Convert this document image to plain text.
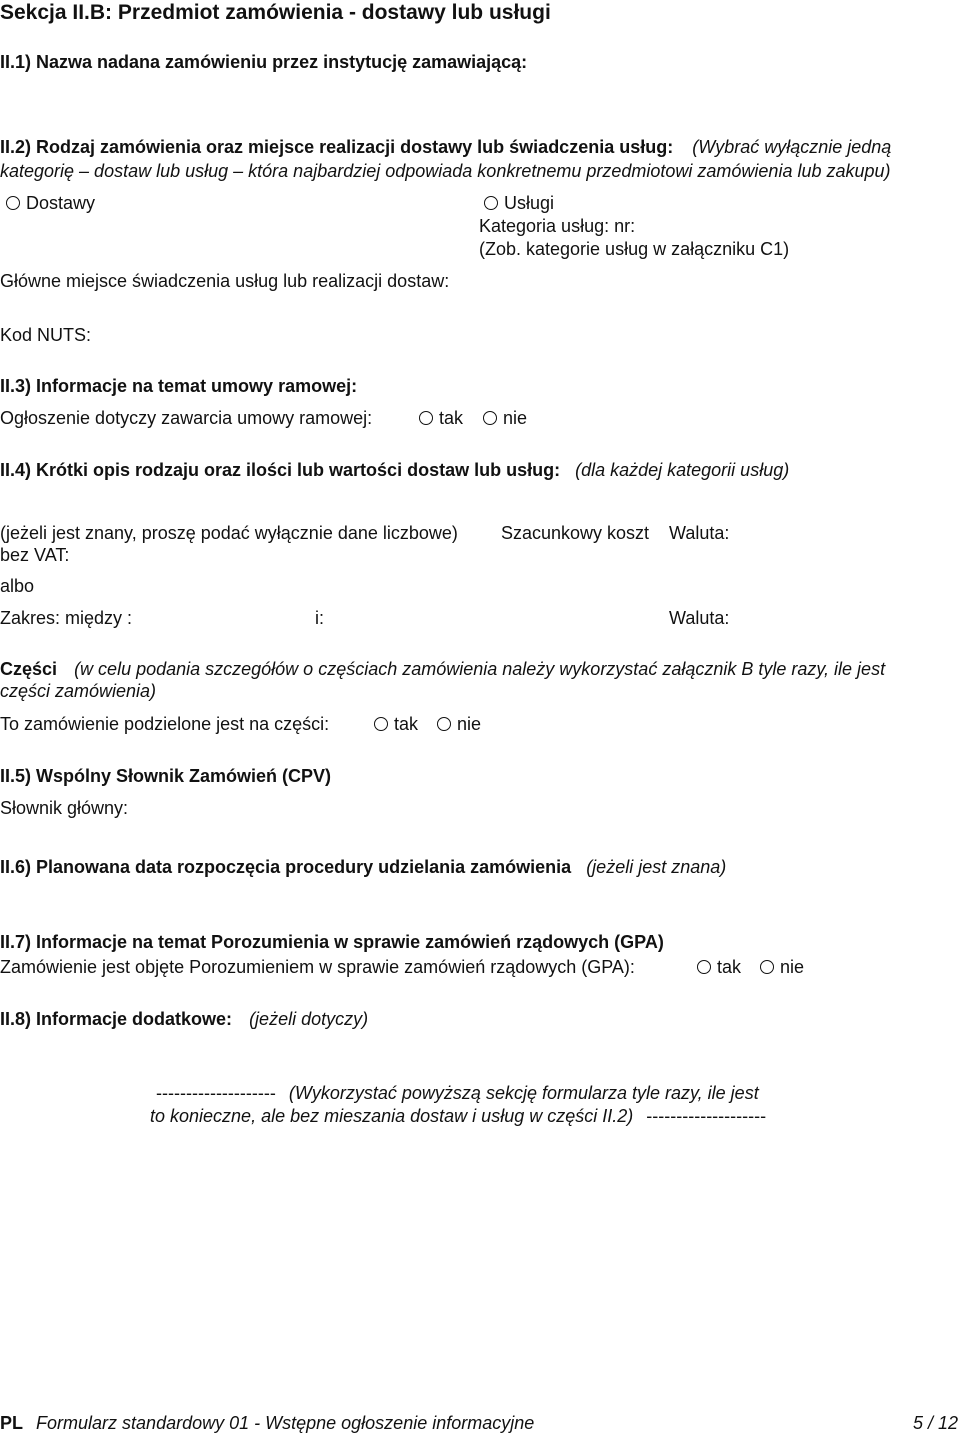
Sekcja II.B: Przedmiot zamówienia - dostawy lub usługi
II.1) Nazwa nadana zamówieniu przez instytucję zamawiającą:
II.2) Rodzaj zamówienia oraz miejsce realizacji dostawy lub świadczenia usług: (Wybrać wyłącznie jedną
kategorię – dostaw lub usług – która najbardziej odpowiada konkretnemu przedmiotowi zamówienia lub zakupu)
Dostawy	Usługi
Kategoria usług: nr:
(Zob. kategorie usług w załączniku C1)
Główne miejsce świadczenia usług lub realizacji dostaw:
Kod NUTS:
II.3) Informacje na temat umowy ramowej:
Ogłoszenie dotyczy zawarcia umowy ramowej:	tak	nie
II.4) Krótki opis rodzaju oraz ilości lub wartości dostaw lub usług: (dla każdej kategorii usług)
(jeżeli jest znany, proszę podać wyłącznie dane liczbowe) Szacunkowy koszt Waluta:
bez VAT:
albo
Zakres: między :	i:	Waluta:
Części (w celu podania szczegółów o częściach zamówienia należy wykorzystać załącznik B tyle razy, ile jest
części zamówienia)
To zamówienie podzielone jest na części:	tak	nie
II.5) Wspólny Słownik Zamówień (CPV)
Słownik główny:
II.6) Planowana data rozpoczęcia procedury udzielania zamówienia (jeżeli jest znana)
II.7) Informacje na temat Porozumienia w sprawie zamówień rządowych (GPA)
Zamówienie jest objęte Porozumieniem w sprawie zamówień rządowych (GPA):	tak	nie
II.8) Informacje dodatkowe: (jeżeli dotyczy)
-------------------- (Wykorzystać powyższą sekcję formularza tyle razy, ile jest
to konieczne, ale bez mieszania dostaw i usług w części II.2) --------------------
PL Formularz standardowy 01 - Wstępne ogłoszenie informacyjne	5 / 12
